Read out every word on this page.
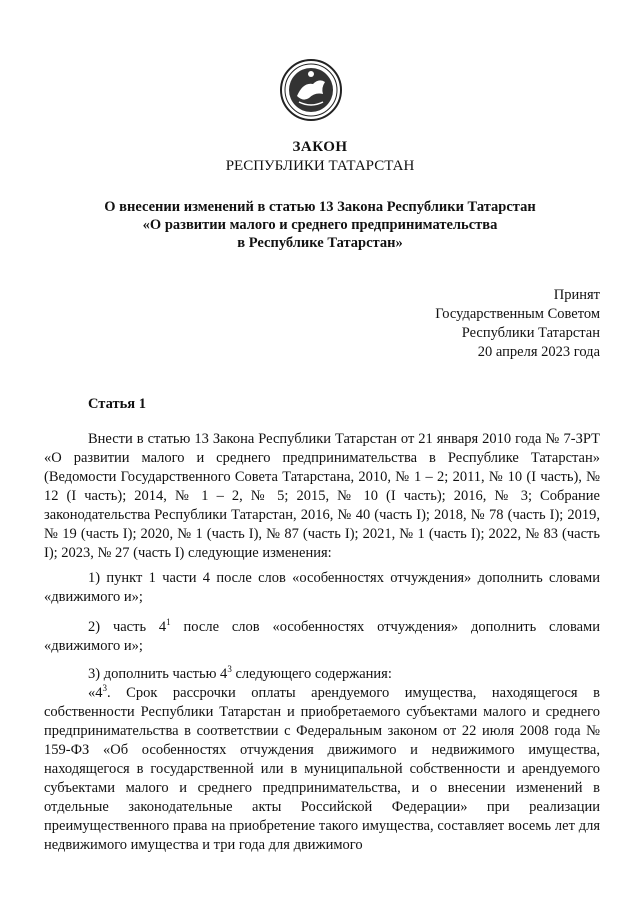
ЗАКОН
РЕСПУБЛИКИ ТАТАРСТАН
О внесении изменений в статью 13 Закона Республики Татарстан
«О развитии малого и среднего предпринимательства
в Республике Татарстан»
Принят
Государственным Советом
Республики Татарстан
20 апреля 2023 года
Статья 1
Внести в статью 13 Закона Республики Татарстан от 21 января 2010 года № 7-ЗРТ «О развитии малого и среднего предпринимательства в Республике Татарстан» (Ведомости Государственного Совета Татарстана, 2010, № 1 – 2; 2011, № 10 (I часть), № 12 (I часть); 2014, № 1 – 2, № 5; 2015, № 10 (I часть); 2016, № 3; Собрание законодательства Республики Татарстан, 2016, № 40 (часть I); 2018, № 78 (часть I); 2019, № 19 (часть I); 2020, № 1 (часть I), № 87 (часть I); 2021, № 1 (часть I); 2022, № 83 (часть I); 2023, № 27 (часть I) следующие изменения:
1) пункт 1 части 4 после слов «особенностях отчуждения» дополнить словами «движимого и»;
2) часть $4^1$ после слов «особенностях отчуждения» дополнить словами «движимого и»;
3) дополнить частью $4^3$ следующего содержания:
«$4^3$. Срок рассрочки оплаты арендуемого имущества, находящегося в собственности Республики Татарстан и приобретаемого субъектами малого и среднего предпринимательства в соответствии с Федеральным законом от 22 июля 2008 года № 159-ФЗ «Об особенностях отчуждения движимого и недвижимого имущества, находящегося в государственной или в муниципальной собственности и арендуемого субъектами малого и среднего предпринимательства, и о внесении изменений в отдельные законодательные акты Российской Федерации» при реализации преимущественного права на приобретение такого имущества, составляет восемь лет для недвижимого имущества и три года для движимого
